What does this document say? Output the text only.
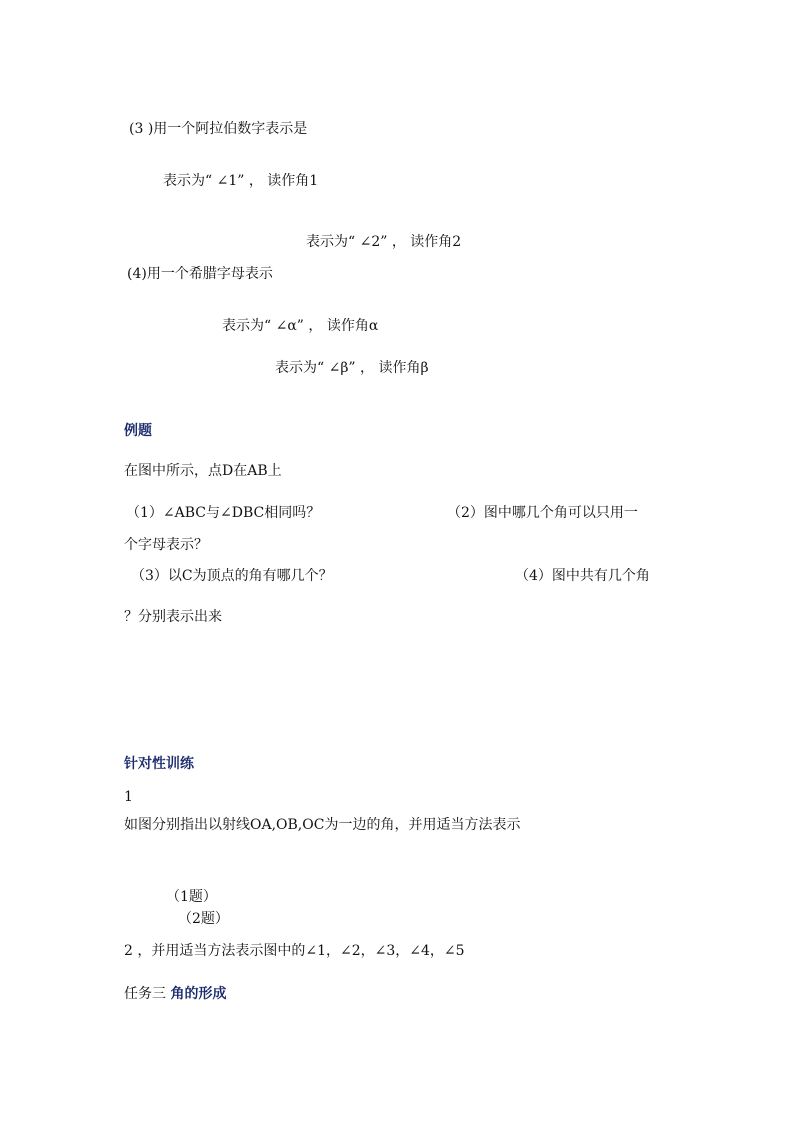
(3 )用一个阿拉伯数字表示是
表示为“ ∠1” ， 读作角1
表示为“ ∠2” ， 读作角2
(4)用一个希腊字母表示
表示为“ ∠α” ， 读作角α
表示为“ ∠β” ， 读作角β
例题
在图中所示，点D在AB上
（1）∠ABC与∠DBC相同吗？	（2）图中哪几个角可以只用一
个字母表示？
（3）以C为顶点的角有哪几个？	（4）图中共有几个角
？分别表示出来
针对性训练
1
如图分别指出以射线OA,OB,OC为一边的角，并用适当方法表示
（1题）
（2题）
2 ，并用适当方法表示图中的∠1，∠2，∠3，∠4，∠5
任务三 角的形成
